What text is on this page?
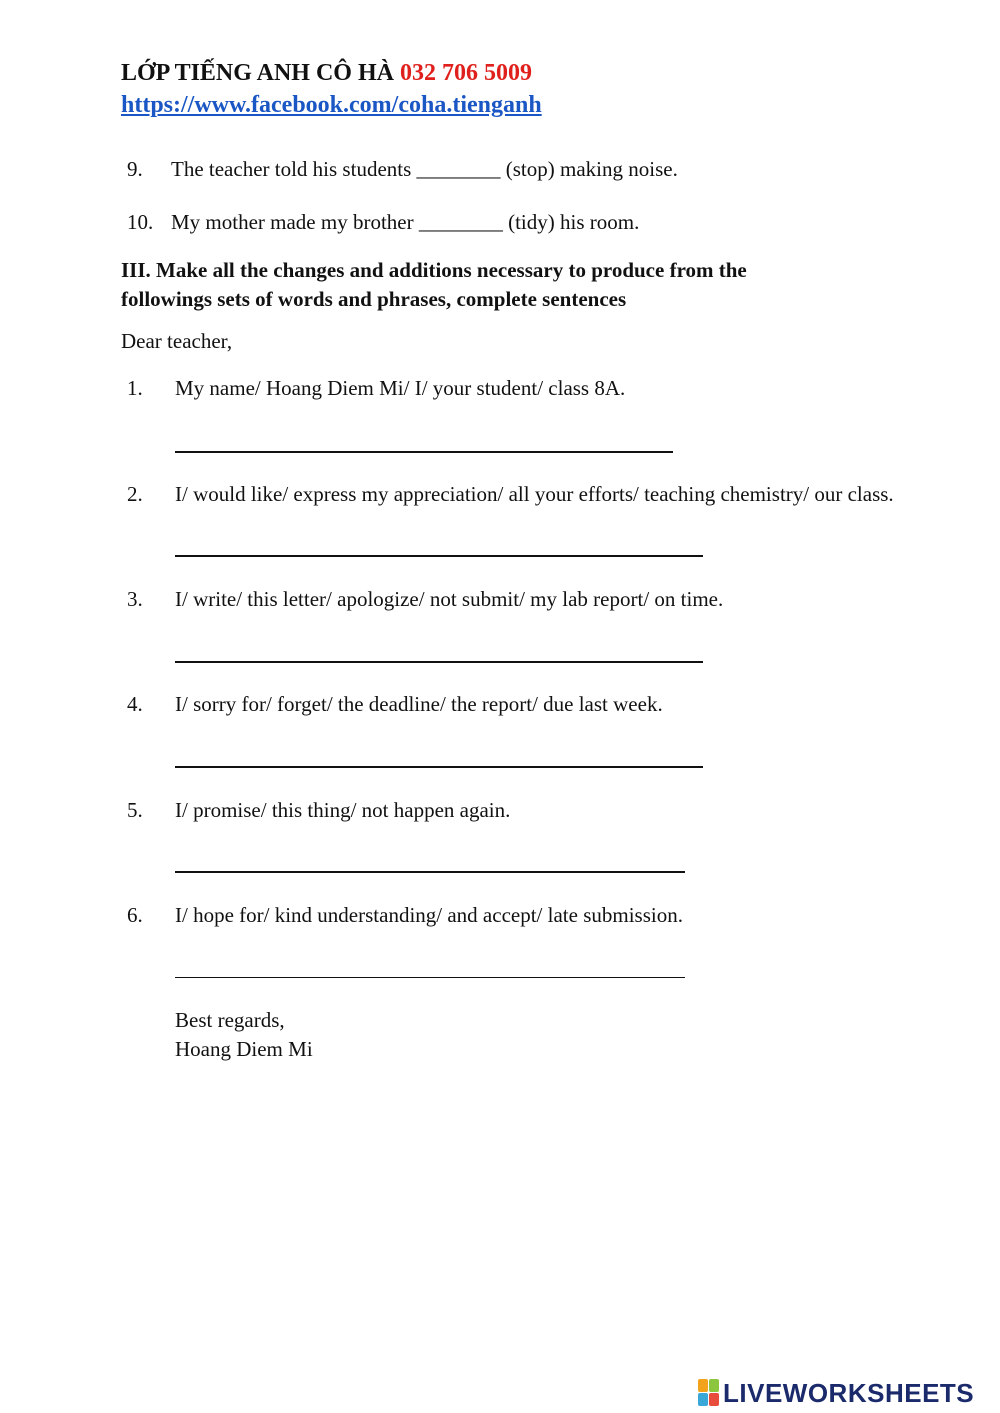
LỚP TIẾNG ANH CÔ HÀ 032 706 5009
https://www.facebook.com/coha.tienganh
9. The teacher told his students ________ (stop) making noise.
10. My mother made my brother ________ (tidy) his room.
III. Make all the changes and additions necessary to produce from the
followings sets of words and phrases, complete sentences
Dear teacher,
1. My name/ Hoang Diem Mi/ I/ your student/ class 8A.
2. I/ would like/ express my appreciation/ all your efforts/ teaching chemistry/ our class.
3. I/ write/ this letter/ apologize/ not submit/ my lab report/ on time.
4. I/ sorry for/ forget/ the deadline/ the report/ due last week.
5. I/ promise/ this thing/ not happen again.
6. I/ hope for/ kind understanding/ and accept/ late submission.
Best regards,
Hoang Diem Mi
LIVEWORKSHEETS
